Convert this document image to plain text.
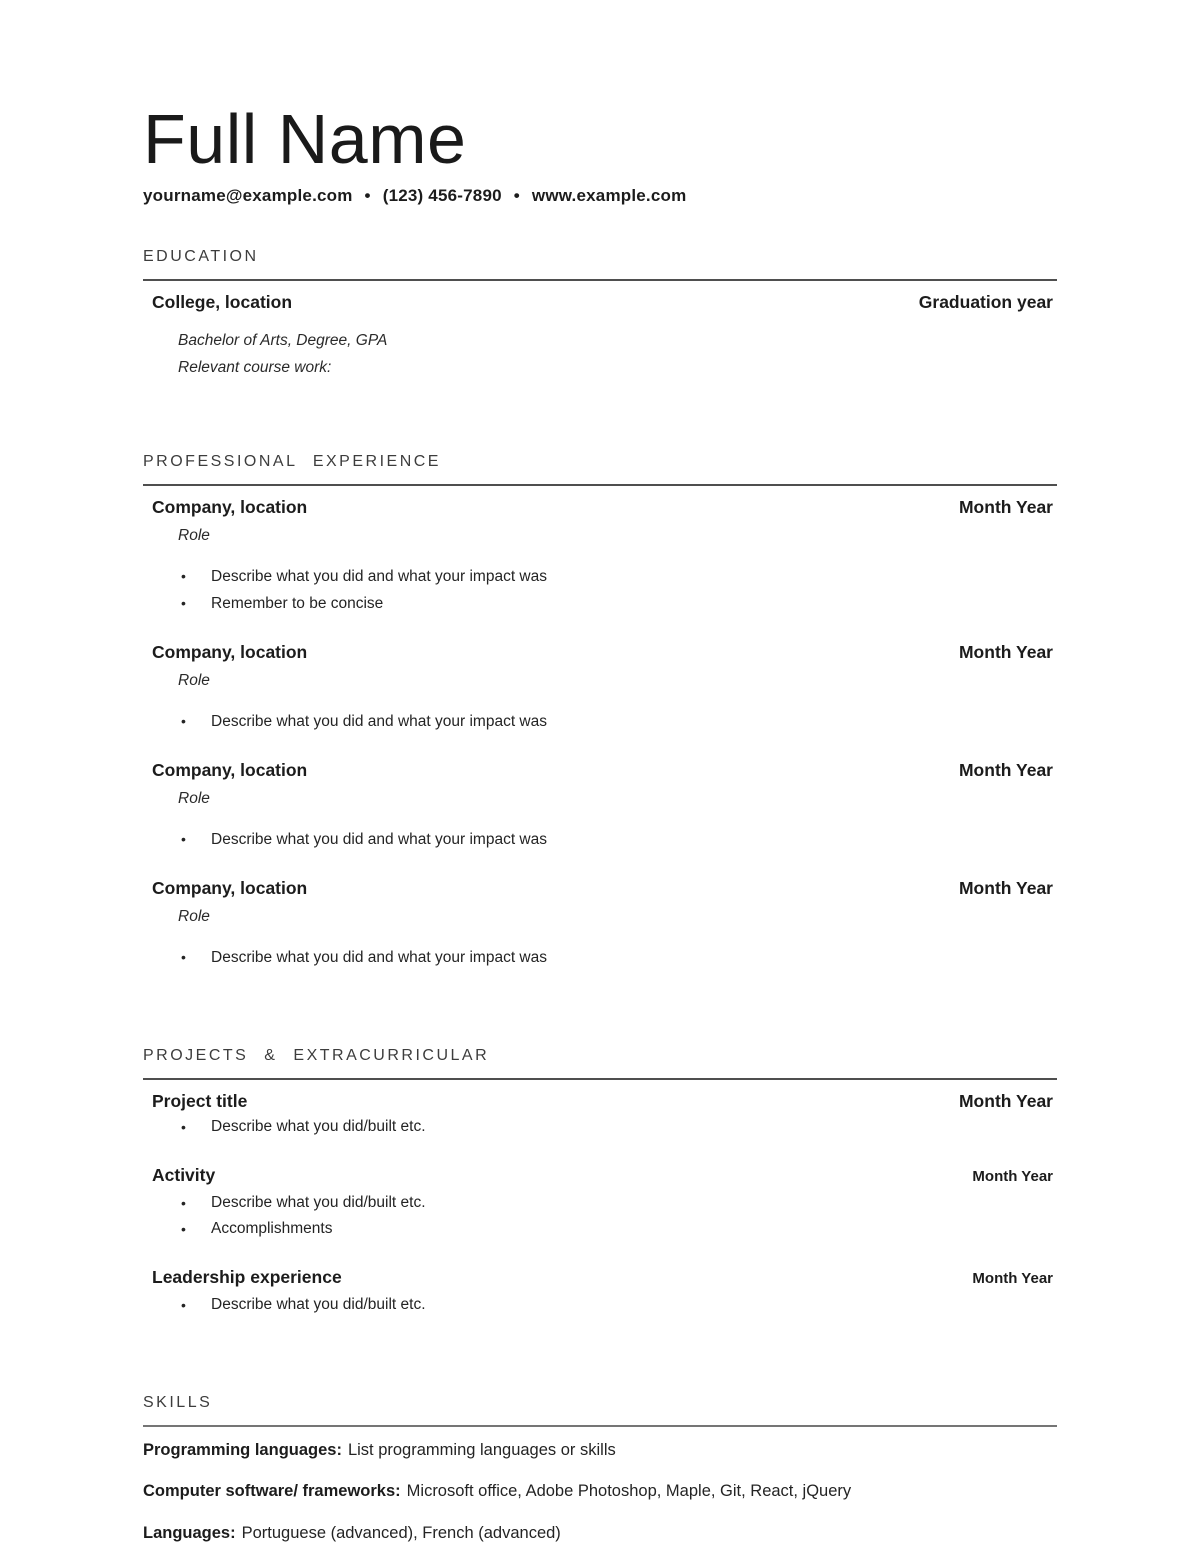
Full Name
yourname@example.com • (123) 456-7890 • www.example.com
EDUCATION
College, location	Graduation year
Bachelor of Arts, Degree, GPA
Relevant course work:
PROFESSIONAL EXPERIENCE
Company, location	Month Year
Role
•	Describe what you did and what your impact was
•	Remember to be concise
Company, location	Month Year
Role
•	Describe what you did and what your impact was
Company, location	Month Year
Role
•	Describe what you did and what your impact was
Company, location	Month Year
Role
•	Describe what you did and what your impact was
PROJECTS & EXTRACURRICULAR
Project title	Month Year
•	Describe what you did/built etc.
Activity	Month Year
•	Describe what you did/built etc.
•	Accomplishments
Leadership experience	Month Year
•	Describe what you did/built etc.
SKILLS
Programming languages: List programming languages or skills
Computer software/ frameworks: Microsoft office, Adobe Photoshop, Maple, Git, React, jQuery
Languages: Portuguese (advanced), French (advanced)
